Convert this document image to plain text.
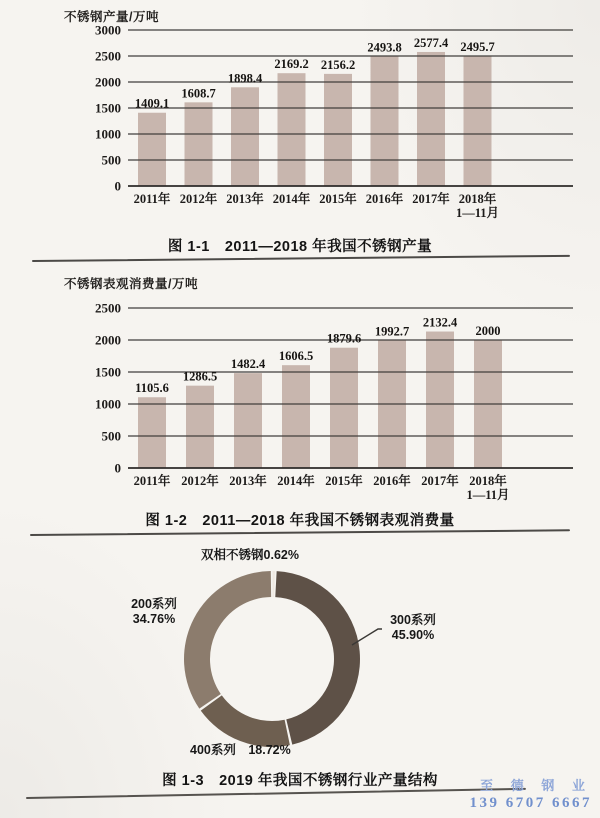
不锈钢产量/万吨
0
500
1000
1500
2000
2500
3000
1409.1
1608.7
1898.4
2169.2 2156.2
2493.8 2577.4 2495.7
2011年 2012年 2013年 2014年 2015年 2016年 2017年 2018年 1—11月
图 1-1　2011—2018 年我国不锈钢产量
不锈钢表观消费量/万吨
0
500
1000
1500
2000
2500
1105.6
1286.5
1482.4
1606.5
1879.6
1992.7
2132.4
2000
2011年 2012年 2013年 2014年 2015年 2016年 2017年 2018年 1—11月
图 1-2　2011—2018 年我国不锈钢表观消费量
双相不锈钢0.62%
200系列
34.76%	300系列
45.90%
400系列 18.72%
图 1-3　2019 年我国不锈钢行业产量结构	至 德 钢 业
139 6707 6667
